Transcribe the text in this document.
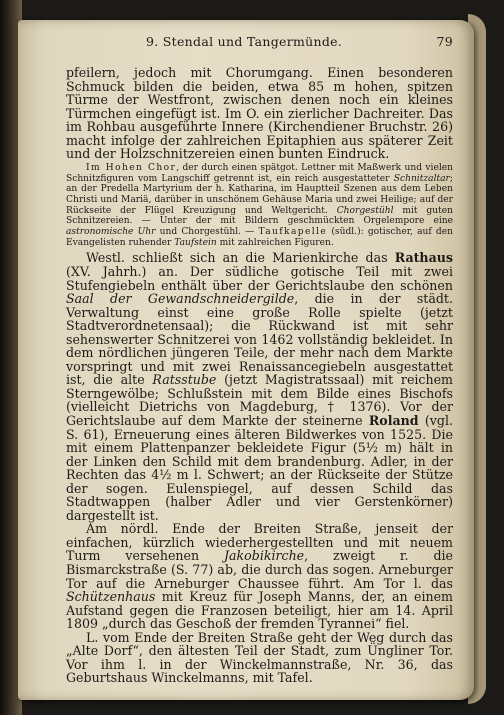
9. Stendal und Tangermünde.	79

pfeilern, jedoch mit Chorumgang. Einen besonderen Schmuck bilden die beiden, etwa 85 m hohen, spitzen Türme der Westfront, zwischen denen noch ein kleines Türmchen eingefügt ist. Im O. ein zierlicher Dachreiter. Das im Rohbau ausgeführte Innere (Kirchendiener Bruchstr. 26) macht infolge der zahlreichen Epitaphien aus späterer Zeit und der Holzschnitzereien einen bunten Eindruck.

Im Hohen Chor, der durch einen spätgot. Lettner mit Maßwerk und vielen Schnitzfiguren vom Langschiff getrennt ist, ein reich ausgestatteter Schnitzaltar; an der Predella Martyrium der h. Katharina, im Hauptteil Szenen aus dem Leben Christi und Mariä, darüber in unschönem Gehäuse Maria und zwei Heilige; auf der Rückseite der Flügel Kreuzigung und Weltgericht. Chorgestühl mit guten Schnitzereien. — Unter der mit Bildern geschmückten Orgelempore eine astronomische Uhr und Chorgestühl. — Taufkapelle (südl.): gotischer, auf den Evangelisten ruhender Taufstein mit zahlreichen Figuren.

Westl. schließt sich an die Marienkirche das Rathaus (XV. Jahrh.) an. Der südliche gotische Teil mit zwei Stufengiebeln enthält über der Gerichtslaube den schönen Saal der Gewandschneidergilde, die in der städt. Verwaltung einst eine große Rolle spielte (jetzt Stadtverordnetensaal); die Rückwand ist mit sehr sehenswerter Schnitzerei von 1462 vollständig bekleidet. In dem nördlichen jüngeren Teile, der mehr nach dem Markte vorspringt und mit zwei Renaissancegiebeln ausgestattet ist, die alte Ratsstube (jetzt Magistratssaal) mit reichem Sterngewölbe; Schlußstein mit dem Bilde eines Bischofs (vielleicht Dietrichs von Magdeburg, † 1376). Vor der Gerichtslaube auf dem Markte der steinerne Roland (vgl. S. 61), Erneuerung eines älteren Bildwerkes von 1525. Die mit einem Plattenpanzer bekleidete Figur (5½ m) hält in der Linken den Schild mit dem brandenburg. Adler, in der Rechten das 4½ m l. Schwert; an der Rückseite der Stütze der sogen. Eulenspiegel, auf dessen Schild das Stadtwappen (halber Adler und vier Gerstenkörner) dargestellt ist.

Am nördl. Ende der Breiten Straße, jenseit der einfachen, kürzlich wiederhergestellten und mit neuem Turm versehenen Jakobikirche, zweigt r. die Bismarckstraße (S. 77) ab, die durch das sogen. Arneburger Tor auf die Arneburger Chaussee führt. Am Tor l. das Schützenhaus mit Kreuz für Joseph Manns, der, an einem Aufstand gegen die Franzosen beteiligt, hier am 14. April 1809 „durch das Geschoß der fremden Tyrannei“ fiel.

L. vom Ende der Breiten Straße geht der Weg durch das „Alte Dorf“, den ältesten Teil der Stadt, zum Üngliner Tor. Vor ihm l. in der Winckelmannstraße, Nr. 36, das Geburtshaus Winckelmanns, mit Tafel.
